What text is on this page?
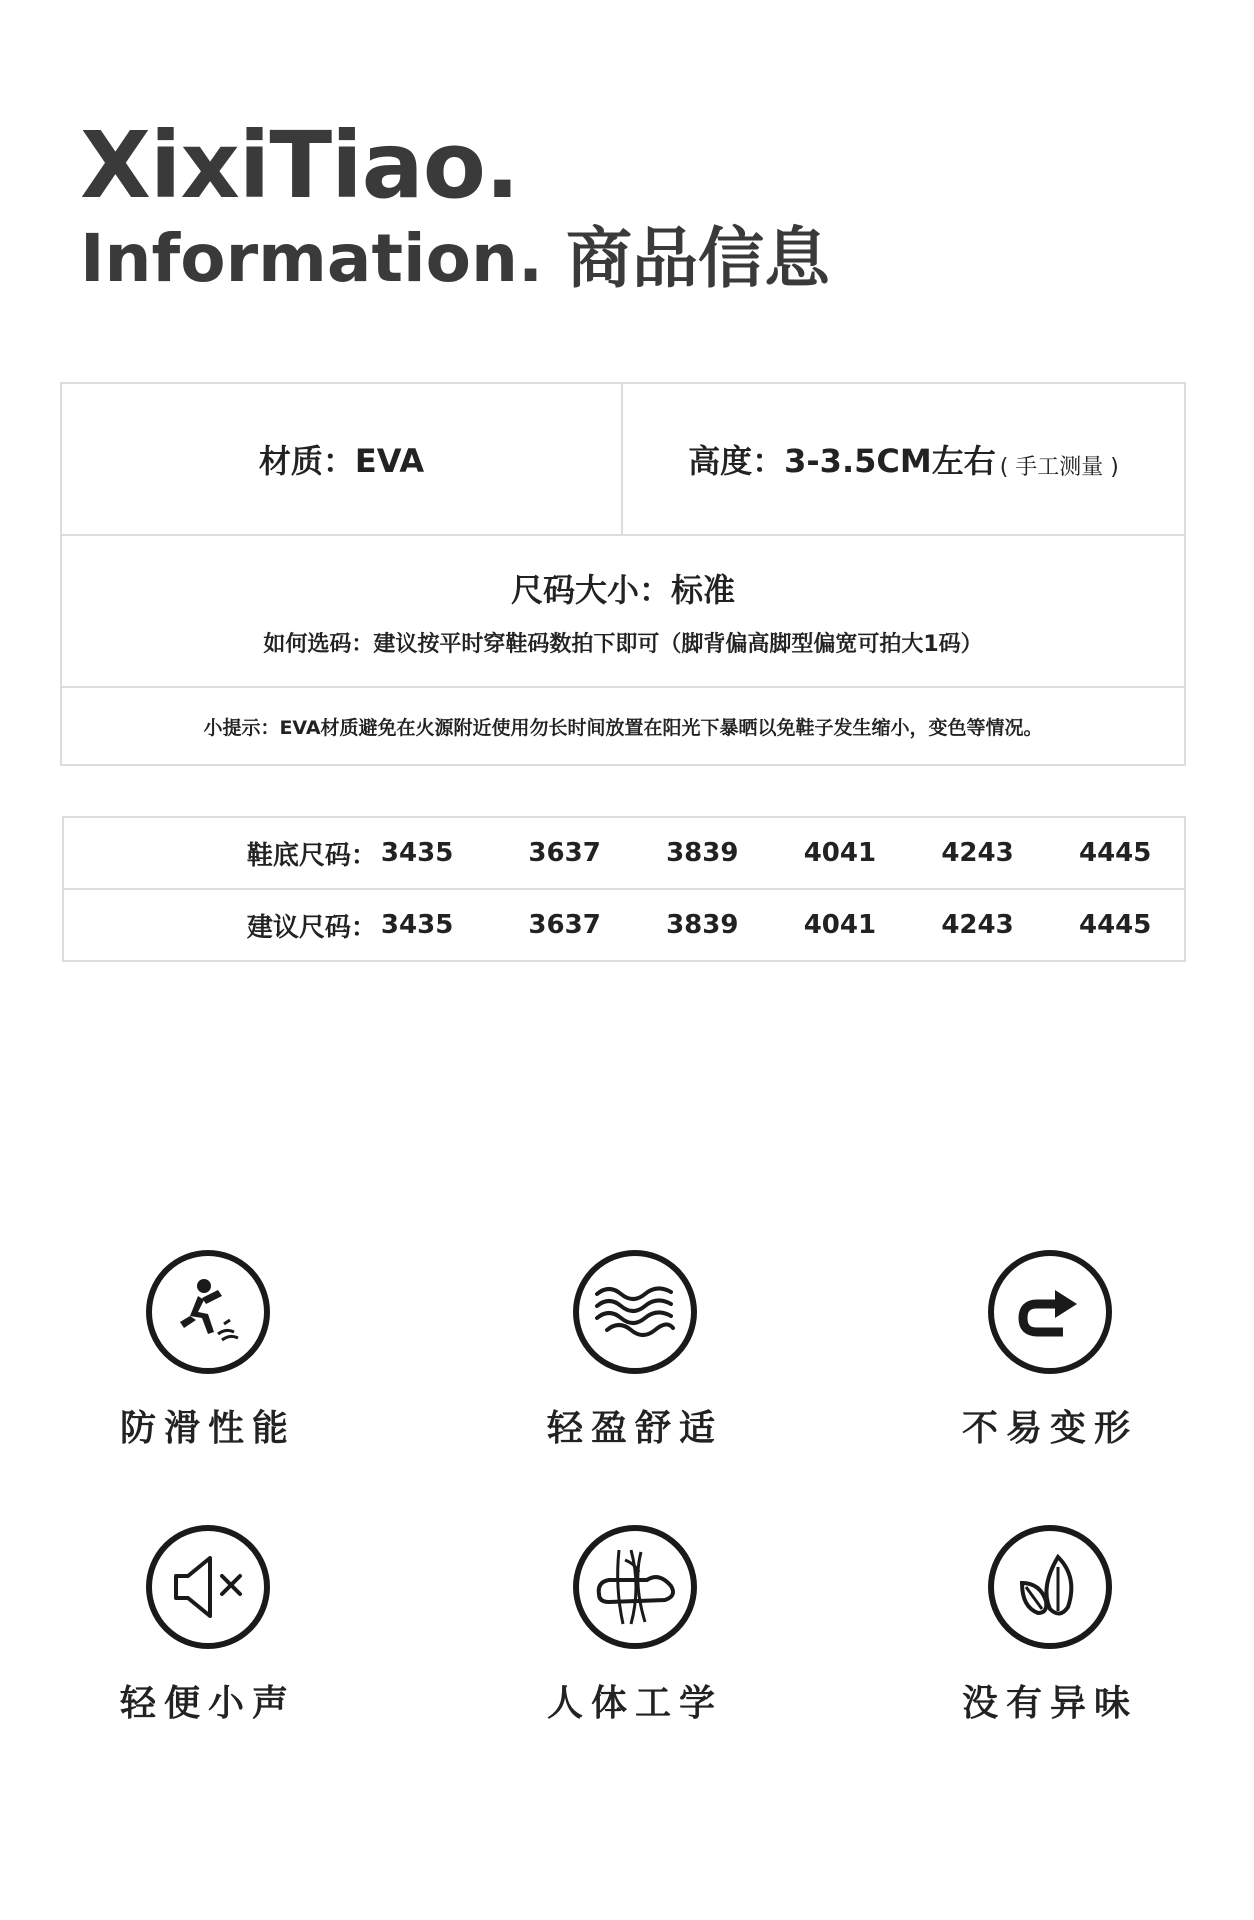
XixiTiao.
Information. 商品信息
材质：EVA	高度：3-3.5CM左右 ( 手工测量 )
尺码大小：标准
如何选码：建议按平时穿鞋码数拍下即可（脚背偏高脚型偏宽可拍大1码）
小提示：EVA材质避免在火源附近使用勿长时间放置在阳光下暴晒以免鞋子发生缩小，变色等情况。
鞋底尺码： 3435	3637	3839	4041	4243	4445
建议尺码： 3435	3637	3839	4041	4243	4445
防滑性能	轻盈舒适	不易变形
轻便小声	人体工学	没有异味
